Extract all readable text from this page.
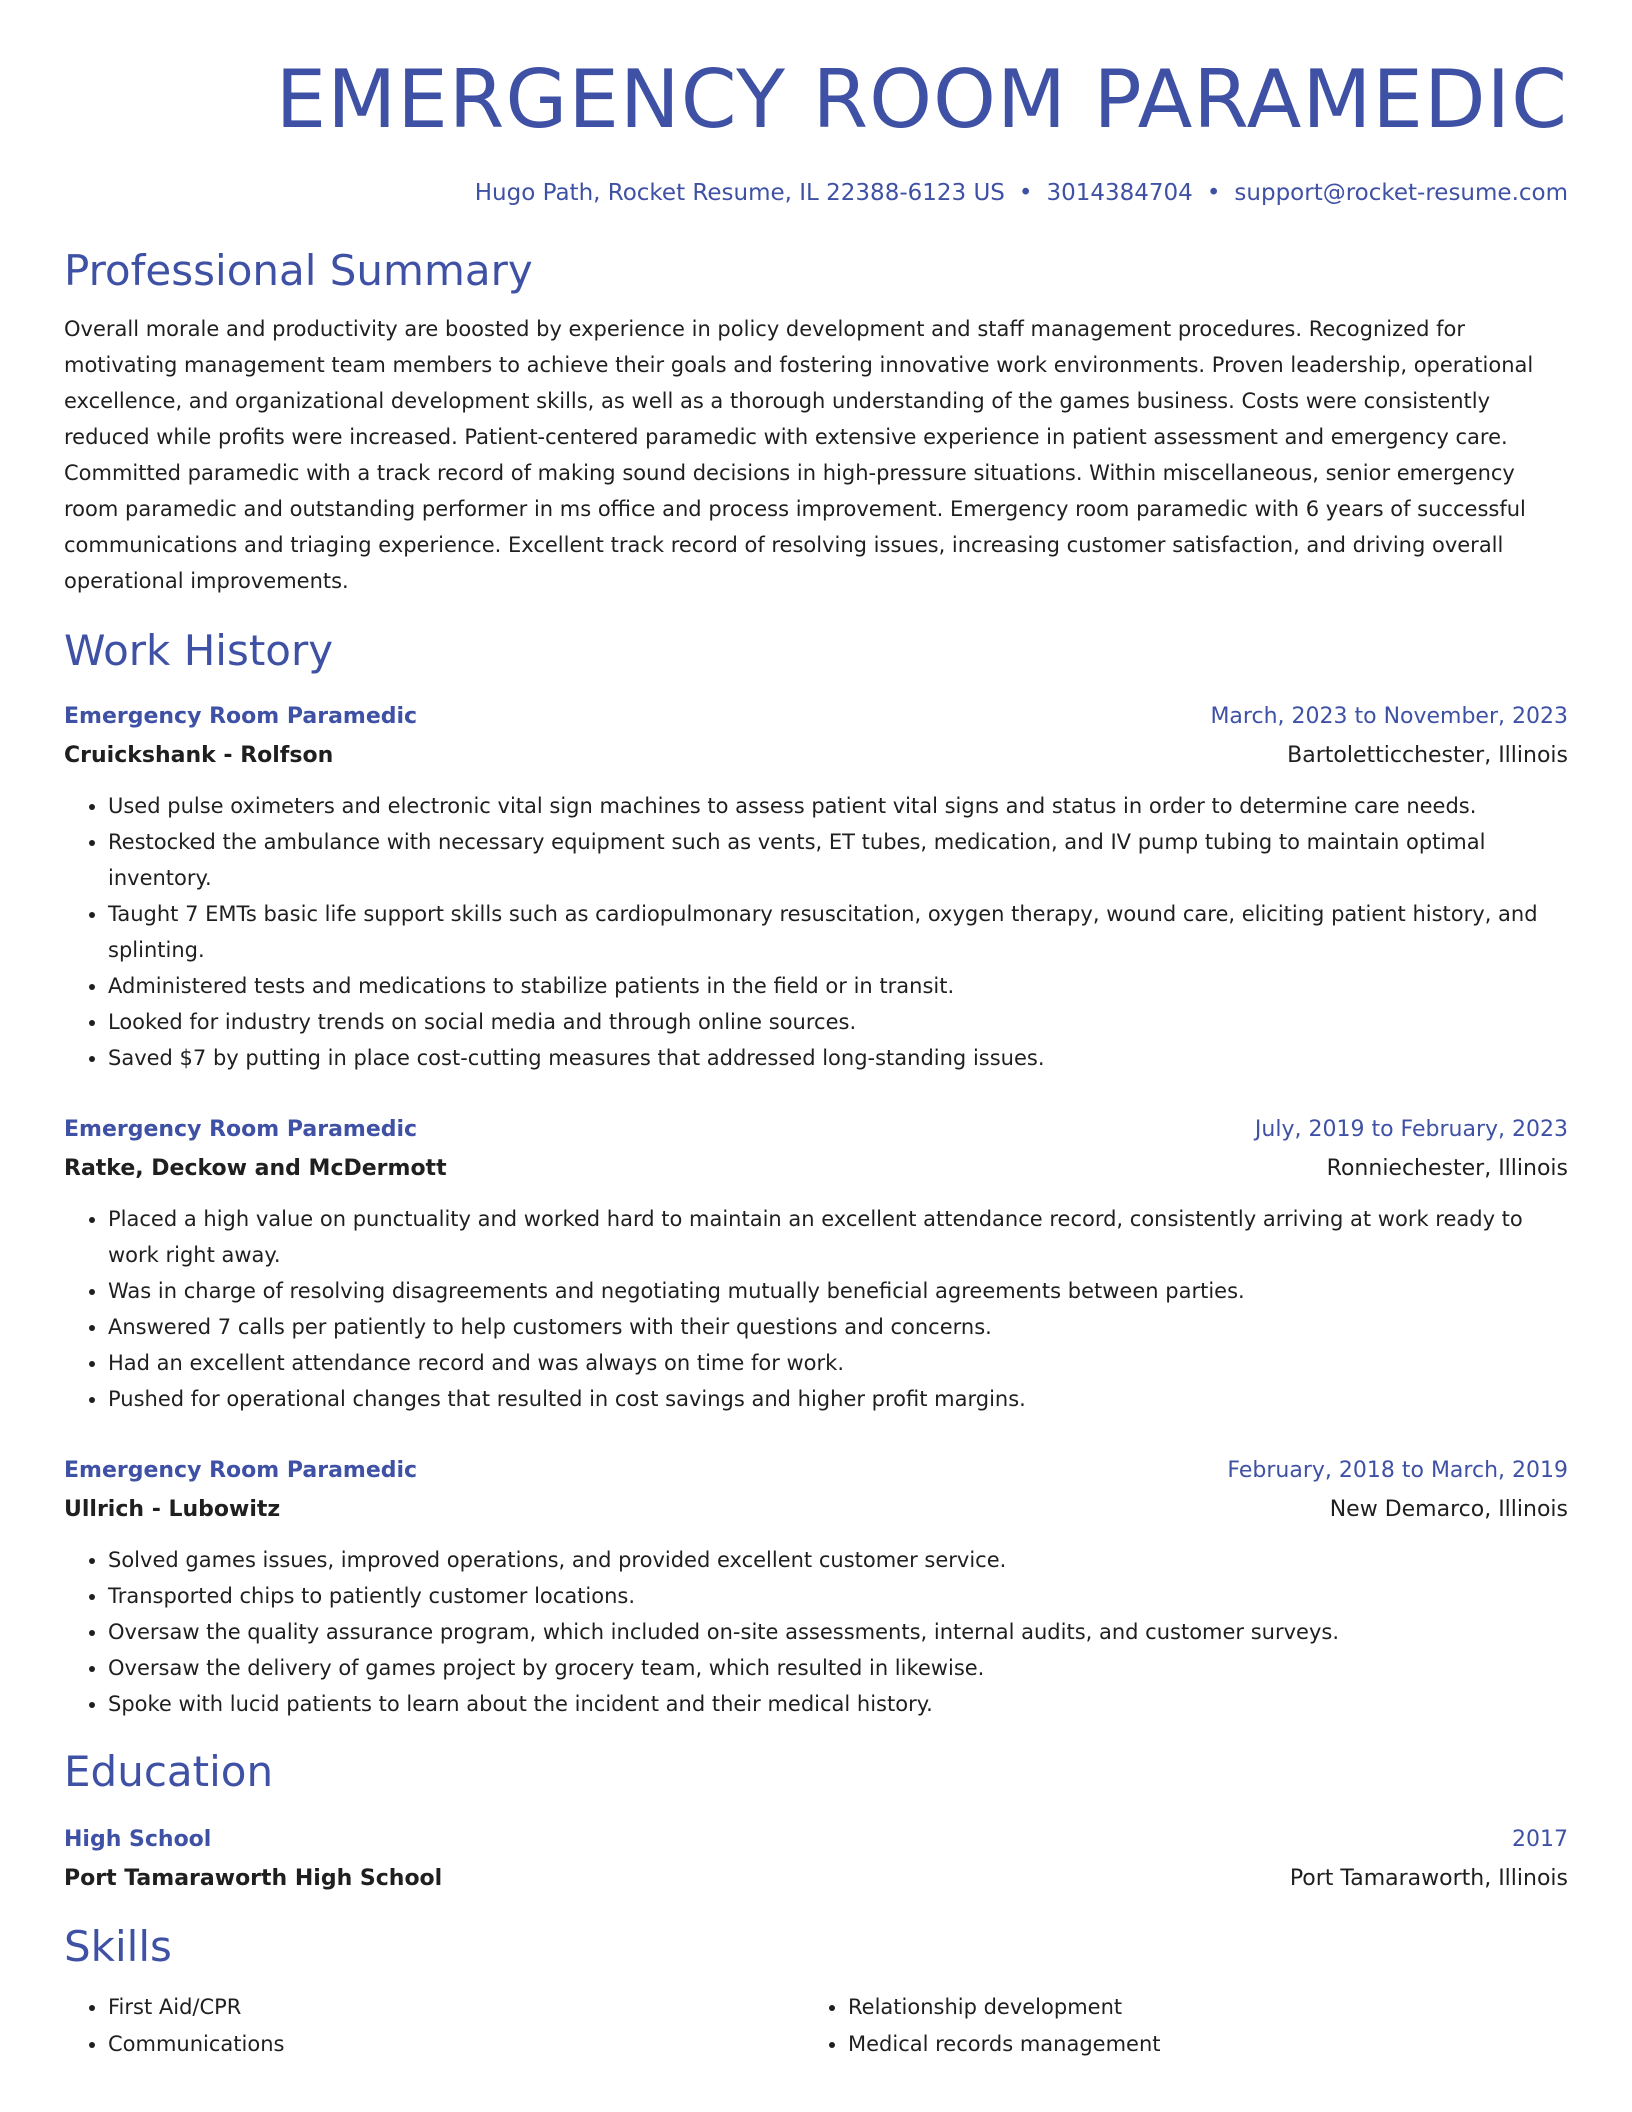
EMERGENCY ROOM PARAMEDIC
Hugo Path, Rocket Resume, IL 22388-6123 US • 3014384704 • support@rocket-resume.com
Professional Summary

Overall morale and productivity are boosted by experience in policy development and staff management procedures. Recognized for motivating management team members to achieve their goals and fostering innovative work environments. Proven leadership, operational excellence, and organizational development skills, as well as a thorough understanding of the games business. Costs were consistently reduced while profits were increased. Patient-centered paramedic with extensive experience in patient assessment and emergency care. Committed paramedic with a track record of making sound decisions in high-pressure situations. Within miscellaneous, senior emergency room paramedic and outstanding performer in ms office and process improvement. Emergency room paramedic with 6 years of successful communications and triaging experience. Excellent track record of resolving issues, increasing customer satisfaction, and driving overall operational improvements.

Work History
Emergency Room Paramedic	March, 2023 to November, 2023
Cruickshank - Rolfson	Bartoletticchester, Illinois
• Used pulse oximeters and electronic vital sign machines to assess patient vital signs and status in order to determine care needs.
• Restocked the ambulance with necessary equipment such as vents, ET tubes, medication, and IV pump tubing to maintain optimal inventory.
• Taught 7 EMTs basic life support skills such as cardiopulmonary resuscitation, oxygen therapy, wound care, eliciting patient history, and splinting.
• Administered tests and medications to stabilize patients in the field or in transit.
• Looked for industry trends on social media and through online sources.
• Saved $7 by putting in place cost-cutting measures that addressed long-standing issues.
Emergency Room Paramedic	July, 2019 to February, 2023
Ratke, Deckow and McDermott	Ronniechester, Illinois
• Placed a high value on punctuality and worked hard to maintain an excellent attendance record, consistently arriving at work ready to work right away.
• Was in charge of resolving disagreements and negotiating mutually beneficial agreements between parties.
• Answered 7 calls per patiently to help customers with their questions and concerns.
• Had an excellent attendance record and was always on time for work.
• Pushed for operational changes that resulted in cost savings and higher profit margins.
Emergency Room Paramedic	February, 2018 to March, 2019
Ullrich - Lubowitz	New Demarco, Illinois
• Solved games issues, improved operations, and provided excellent customer service.
• Transported chips to patiently customer locations.
• Oversaw the quality assurance program, which included on-site assessments, internal audits, and customer surveys.
• Oversaw the delivery of games project by grocery team, which resulted in likewise.
• Spoke with lucid patients to learn about the incident and their medical history.
Education
High School	2017
Port Tamaraworth High School	Port Tamaraworth, Illinois
Skills
• First Aid/CPR
• Communications
• Relationship development
• Medical records management
